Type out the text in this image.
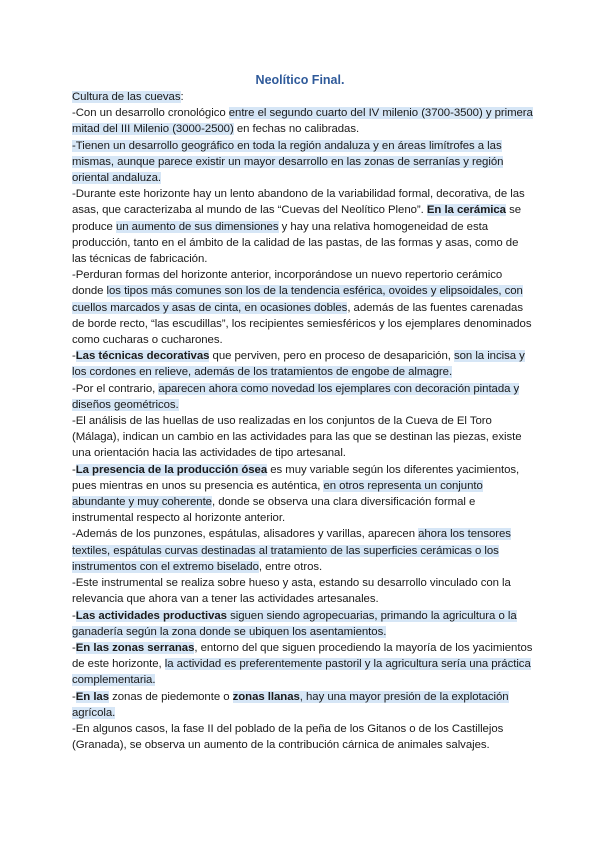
Neolítico Final.

Cultura de las cuevas:

-Con un desarrollo cronológico entre el segundo cuarto del IV milenio (3700-3500) y primera mitad del III Milenio (3000-2500) en fechas no calibradas.

-Tienen un desarrollo geográfico en toda la región andaluza y en áreas limítrofes a las mismas, aunque parece existir un mayor desarrollo en las zonas de serranías y región oriental andaluza.

-Durante este horizonte hay un lento abandono de la variabilidad formal, decorativa, de las asas, que caracterizaba al mundo de las “Cuevas del Neolítico Pleno”. En la cerámica se produce un aumento de sus dimensiones y hay una relativa homogeneidad de esta producción, tanto en el ámbito de la calidad de las pastas, de las formas y asas, como de las técnicas de fabricación.

-Perduran formas del horizonte anterior, incorporándose un nuevo repertorio cerámico donde los tipos más comunes son los de la tendencia esférica, ovoides y elipsoidales, con cuellos marcados y asas de cinta, en ocasiones dobles, además de las fuentes carenadas de borde recto, “las escudillas”, los recipientes semiesféricos y los ejemplares denominados como cucharas o cucharones.

-Las técnicas decorativas que perviven, pero en proceso de desaparición, son la incisa y los cordones en relieve, además de los tratamientos de engobe de almagre.

-Por el contrario, aparecen ahora como novedad los ejemplares con decoración pintada y diseños geométricos.

-El análisis de las huellas de uso realizadas en los conjuntos de la Cueva de El Toro (Málaga), indican un cambio en las actividades para las que se destinan las piezas, existe una orientación hacia las actividades de tipo artesanal.

-La presencia de la producción ósea es muy variable según los diferentes yacimientos, pues mientras en unos su presencia es auténtica, en otros representa un conjunto abundante y muy coherente, donde se observa una clara diversificación formal e instrumental respecto al horizonte anterior.

-Además de los punzones, espátulas, alisadores y varillas, aparecen ahora los tensores textiles, espátulas curvas destinadas al tratamiento de las superficies cerámicas o los instrumentos con el extremo biselado, entre otros.

-Este instrumental se realiza sobre hueso y asta, estando su desarrollo vinculado con la relevancia que ahora van a tener las actividades artesanales.

-Las actividades productivas siguen siendo agropecuarias, primando la agricultura o la ganadería según la zona donde se ubiquen los asentamientos.

-En las zonas serranas, entorno del que siguen procediendo la mayoría de los yacimientos de este horizonte, la actividad es preferentemente pastoril y la agricultura sería una práctica complementaria.

-En las zonas de piedemonte o zonas llanas, hay una mayor presión de la explotación agrícola.

-En algunos casos, la fase II del poblado de la peña de los Gitanos o de los Castillejos (Granada), se observa un aumento de la contribución cárnica de animales salvajes.
